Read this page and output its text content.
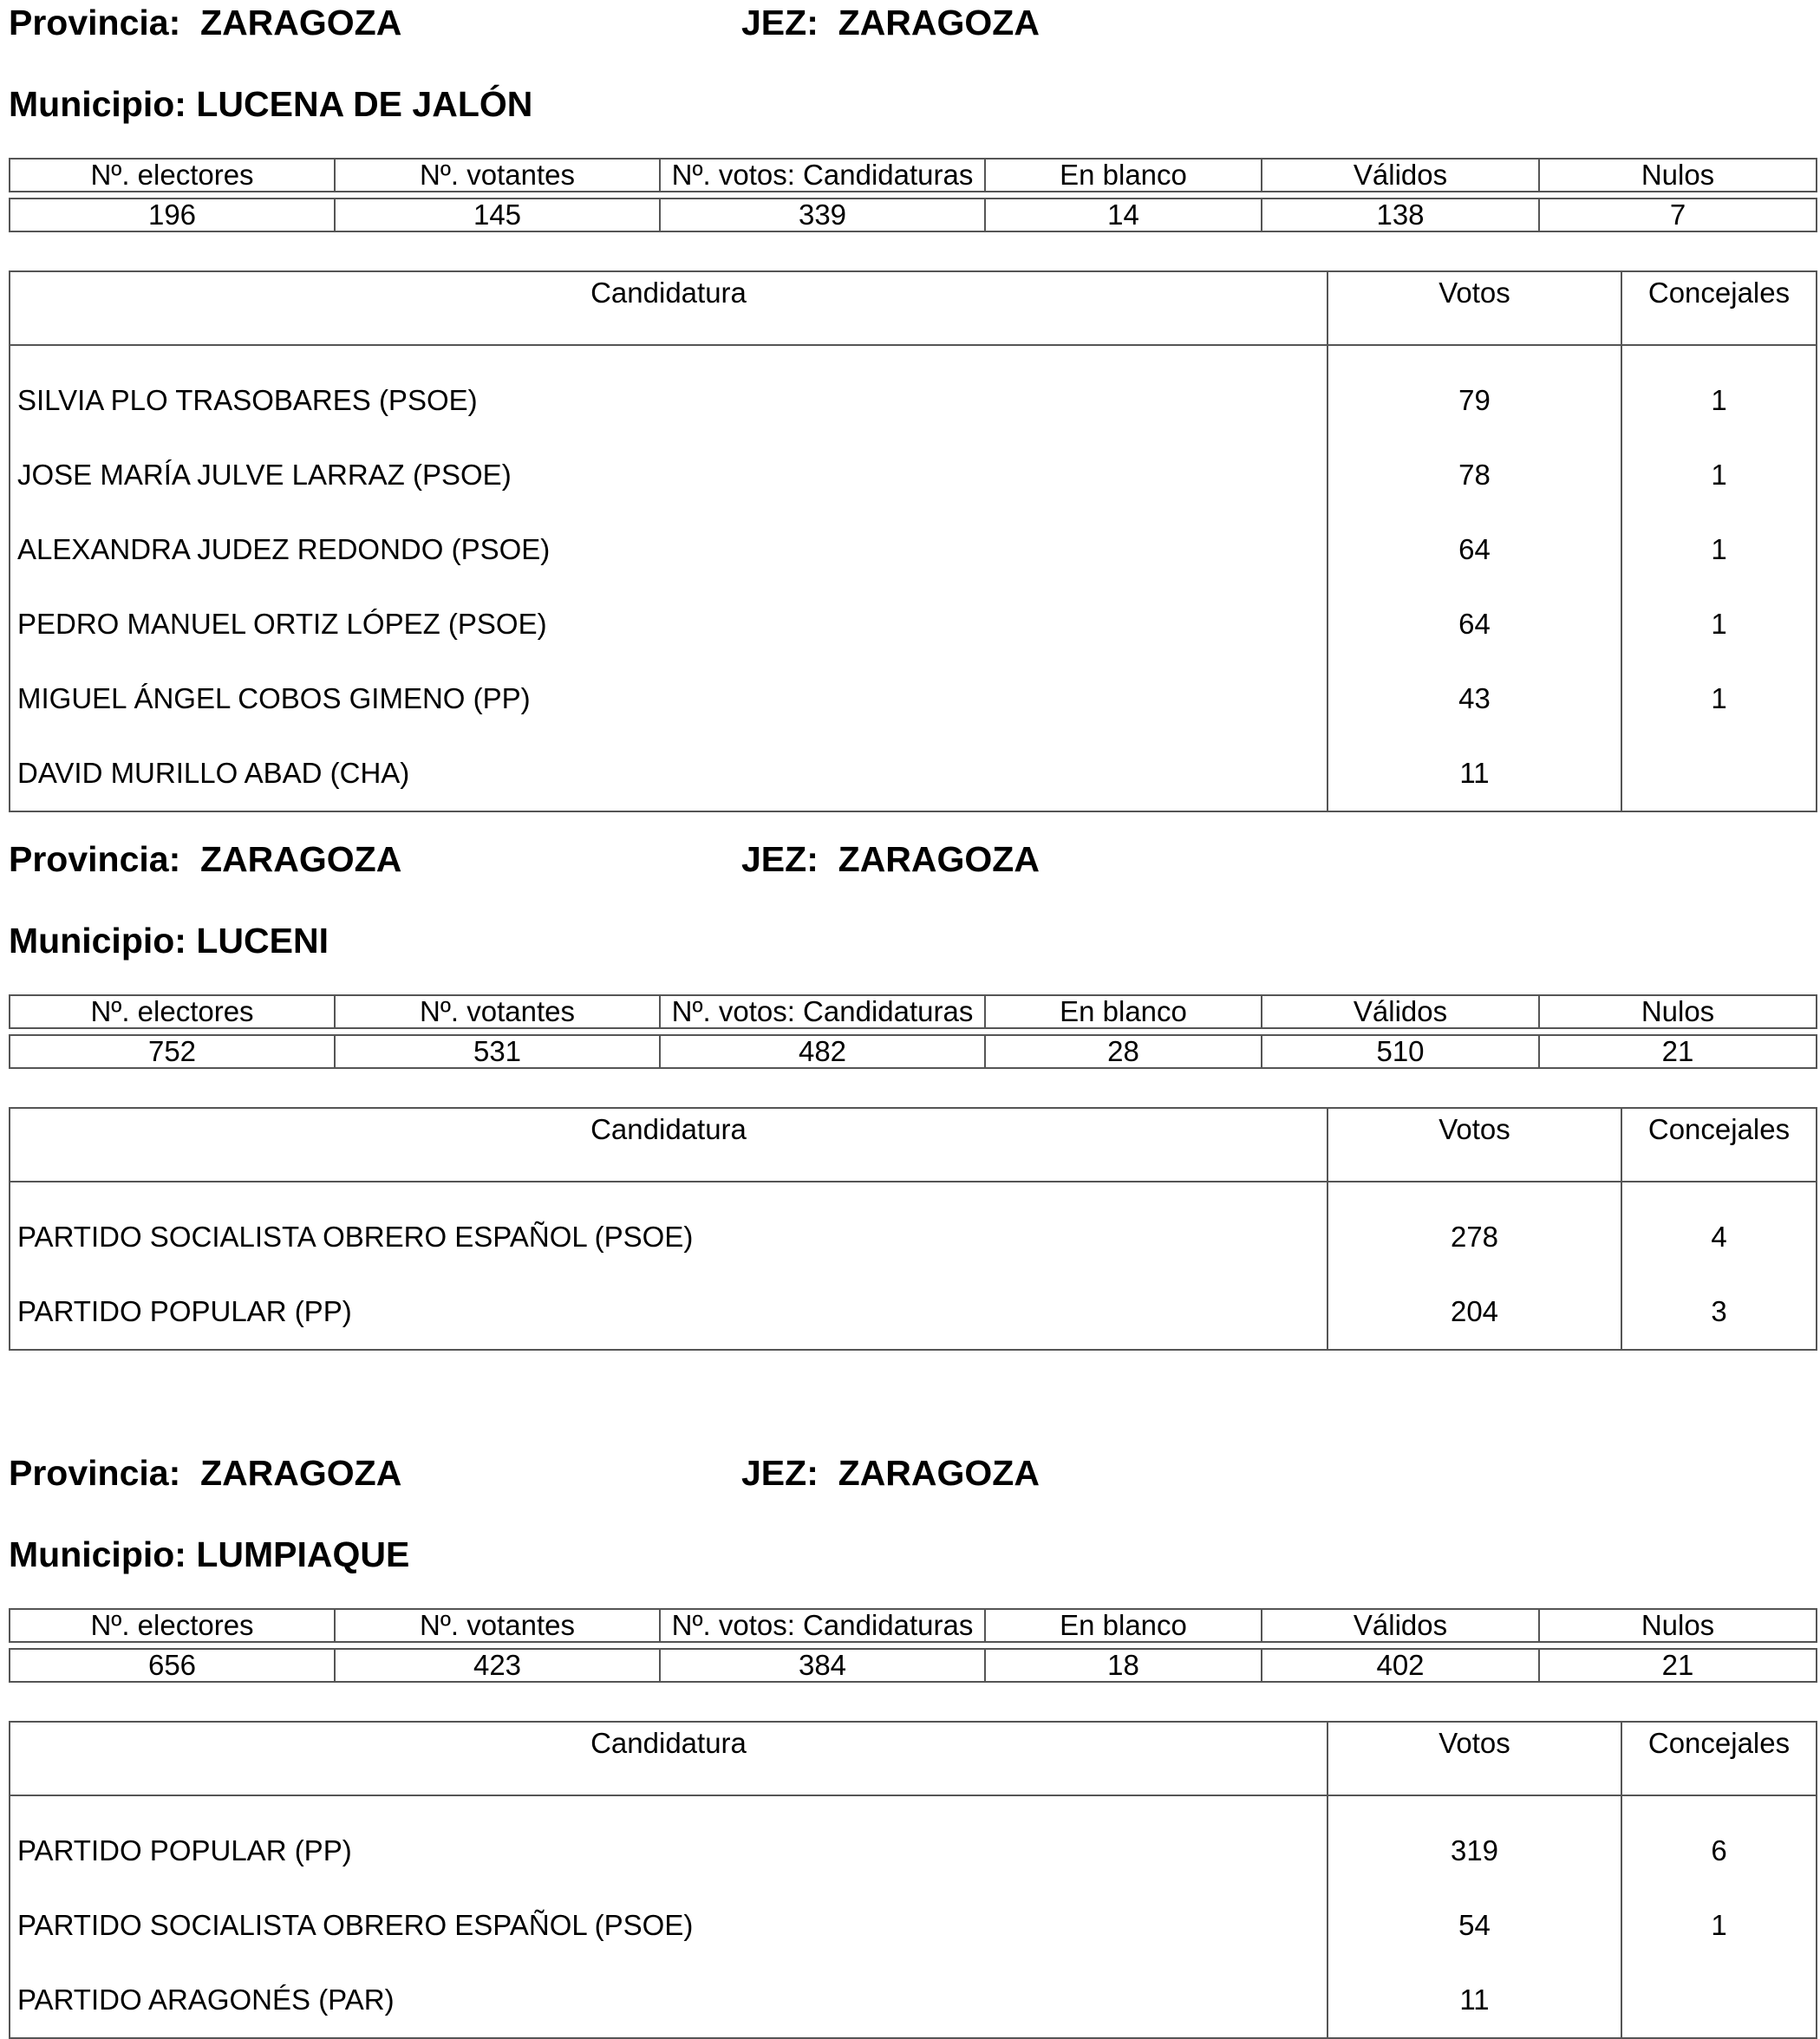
Provincia: ZARAGOZA	JEZ: ZARAGOZA
Municipio: LUCENA DE JALÓN
Nº. electores	Nº. votantes	Nº. votos: Candidaturas	En blanco	Válidos	Nulos

196	145	339	14	138	7
Candidatura	Votos	Concejales

SILVIA PLO TRASOBARES (PSOE)	79	1
JOSE MARÍA JULVE LARRAZ (PSOE)	78	1
ALEXANDRA JUDEZ REDONDO (PSOE)	64	1
PEDRO MANUEL ORTIZ LÓPEZ (PSOE)	64	1
MIGUEL ÁNGEL COBOS GIMENO (PP)	43	1
DAVID MURILLO ABAD (CHA)	11	
Provincia: ZARAGOZA	JEZ: ZARAGOZA
Municipio: LUCENI
Nº. electores	Nº. votantes	Nº. votos: Candidaturas	En blanco	Válidos	Nulos

752	531	482	28	510	21
Candidatura	Votos	Concejales

PARTIDO SOCIALISTA OBRERO ESPAÑOL (PSOE)	278	4
PARTIDO POPULAR (PP)	204	3
Provincia: ZARAGOZA	JEZ: ZARAGOZA
Municipio: LUMPIAQUE
Nº. electores	Nº. votantes	Nº. votos: Candidaturas	En blanco	Válidos	Nulos

656	423	384	18	402	21
Candidatura	Votos	Concejales

PARTIDO POPULAR (PP)	319	6
PARTIDO SOCIALISTA OBRERO ESPAÑOL (PSOE)	54	1
PARTIDO ARAGONÉS (PAR)	11	
